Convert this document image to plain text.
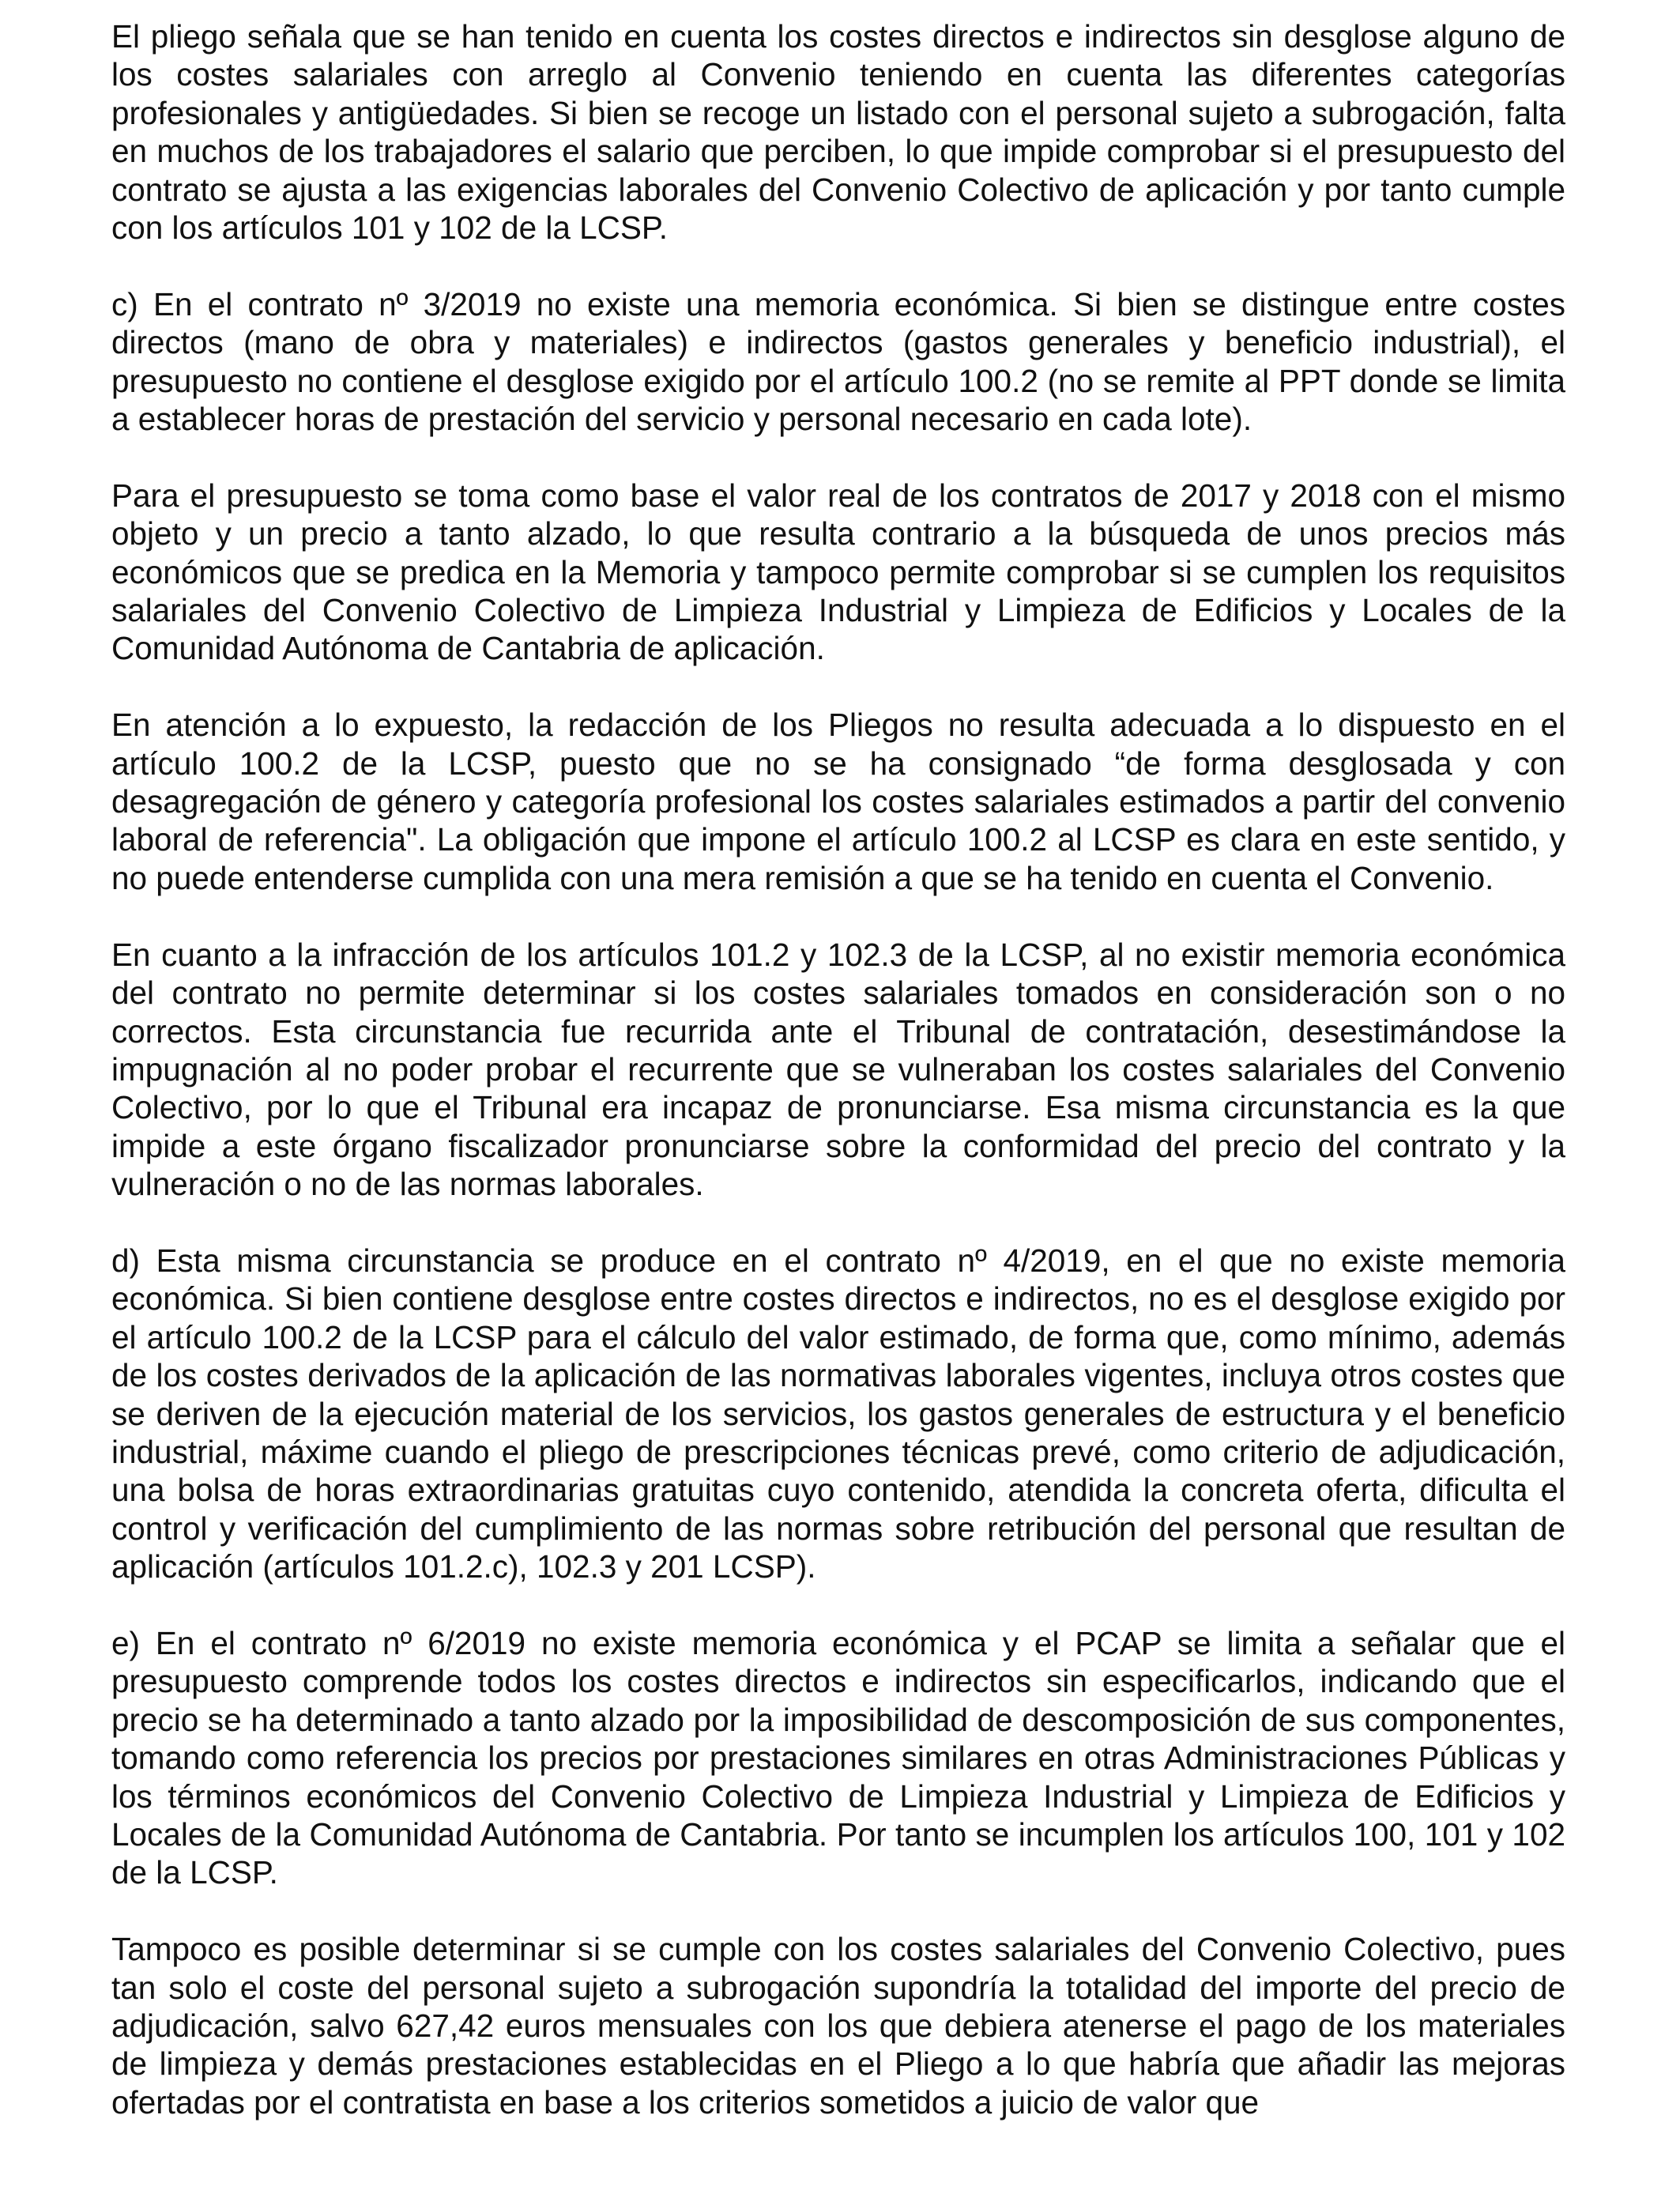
El pliego señala que se han tenido en cuenta los costes directos e indirectos sin desglose alguno de los costes salariales con arreglo al Convenio teniendo en cuenta las diferentes categorías profesionales y antigüedades. Si bien se recoge un listado con el personal sujeto a subrogación, falta en muchos de los trabajadores el salario que perciben, lo que impide comprobar si el presupuesto del contrato se ajusta a las exigencias laborales del Convenio Colectivo de aplicación y por tanto cumple con los artículos 101 y 102 de la LCSP.

c) En el contrato nº 3/2019 no existe una memoria económica. Si bien se distingue entre costes directos (mano de obra y materiales) e indirectos (gastos generales y beneficio industrial), el presupuesto no contiene el desglose exigido por el artículo 100.2 (no se remite al PPT donde se limita a establecer horas de prestación del servicio y personal necesario en cada lote).

Para el presupuesto se toma como base el valor real de los contratos de 2017 y 2018 con el mismo objeto y un precio a tanto alzado, lo que resulta contrario a la búsqueda de unos precios más económicos que se predica en la Memoria y tampoco permite comprobar si se cumplen los requisitos salariales del Convenio Colectivo de Limpieza Industrial y Limpieza de Edificios y Locales de la Comunidad Autónoma de Cantabria de aplicación.

En atención a lo expuesto, la redacción de los Pliegos no resulta adecuada a lo dispuesto en el artículo 100.2 de la LCSP, puesto que no se ha consignado “de forma desglosada y con desagregación de género y categoría profesional los costes salariales estimados a partir del convenio laboral de referencia". La obligación que impone el artículo 100.2 al LCSP es clara en este sentido, y no puede entenderse cumplida con una mera remisión a que se ha tenido en cuenta el Convenio.

En cuanto a la infracción de los artículos 101.2 y 102.3 de la LCSP, al no existir memoria económica del contrato no permite determinar si los costes salariales tomados en consideración son o no correctos. Esta circunstancia fue recurrida ante el Tribunal de contratación, desestimándose la impugnación al no poder probar el recurrente que se vulneraban los costes salariales del Convenio Colectivo, por lo que el Tribunal era incapaz de pronunciarse. Esa misma circunstancia es la que impide a este órgano fiscalizador pronunciarse sobre la conformidad del precio del contrato y la vulneración o no de las normas laborales.

d) Esta misma circunstancia se produce en el contrato nº 4/2019, en el que no existe memoria económica. Si bien contiene desglose entre costes directos e indirectos, no es el desglose exigido por el artículo 100.2 de la LCSP para el cálculo del valor estimado, de forma que, como mínimo, además de los costes derivados de la aplicación de las normativas laborales vigentes, incluya otros costes que se deriven de la ejecución material de los servicios, los gastos generales de estructura y el beneficio industrial, máxime cuando el pliego de prescripciones técnicas prevé, como criterio de adjudicación, una bolsa de horas extraordinarias gratuitas cuyo contenido, atendida la concreta oferta, dificulta el control y verificación del cumplimiento de las normas sobre retribución del personal que resultan de aplicación (artículos 101.2.c), 102.3 y 201 LCSP).

e) En el contrato nº 6/2019 no existe memoria económica y el PCAP se limita a señalar que el presupuesto comprende todos los costes directos e indirectos sin especificarlos, indicando que el precio se ha determinado a tanto alzado por la imposibilidad de descomposición de sus componentes, tomando como referencia los precios por prestaciones similares en otras Administraciones Públicas y los términos económicos del Convenio Colectivo de Limpieza Industrial y Limpieza de Edificios y Locales de la Comunidad Autónoma de Cantabria. Por tanto se incumplen los artículos 100, 101 y 102 de la LCSP.

Tampoco es posible determinar si se cumple con los costes salariales del Convenio Colectivo, pues tan solo el coste del personal sujeto a subrogación supondría la totalidad del importe del precio de adjudicación, salvo 627,42 euros mensuales con los que debiera atenerse el pago de los materiales de limpieza y demás prestaciones establecidas en el Pliego a lo que habría que añadir las mejoras ofertadas por el contratista en base a los criterios sometidos a juicio de valor que
